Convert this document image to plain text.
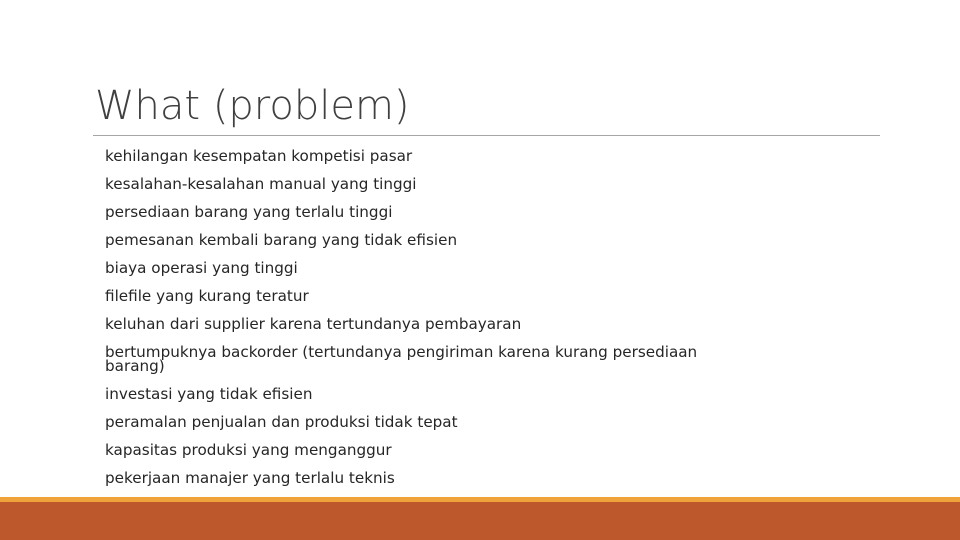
What (problem)
kehilangan kesempatan kompetisi pasar
kesalahan-kesalahan manual yang tinggi
persediaan barang yang terlalu tinggi
pemesanan kembali barang yang tidak efisien
biaya operasi yang tinggi
filefile yang kurang teratur
keluhan dari supplier karena tertundanya pembayaran
bertumpuknya backorder (tertundanya pengiriman karena kurang persediaan barang)
investasi yang tidak efisien
peramalan penjualan dan produksi tidak tepat
kapasitas produksi yang menganggur
pekerjaan manajer yang terlalu teknis
